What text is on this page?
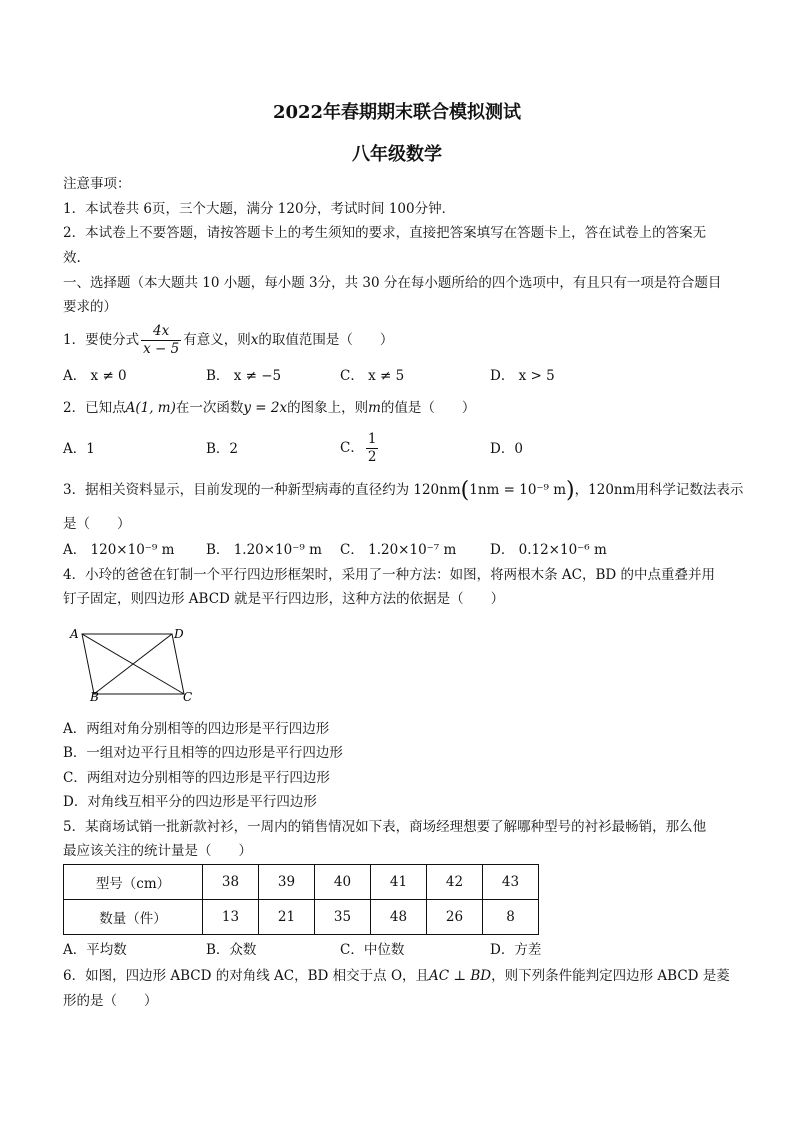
2022年春期期末联合模拟测试
八年级数学
注意事项：
1．本试卷共 6页，三个大题，满分 120分，考试时间 100分钟．
2．本试卷上不要答题，请按答题卡上的考生须知的要求，直接把答案填写在答题卡上，答在试卷上的答案无
效.
一、选择题（本大题共 10 小题，每小题 3分，共 30 分在每小题所给的四个选项中，有且只有一项是符合题目
要求的）
1．要使分式 $\frac{4x}{x - 5}$ 有意义，则x的取值范围是（　　）
A． x ≠ 0	B． x ≠ −5	C． x ≠ 5	D． x > 5
2．已知点A(1, m)在一次函数y = 2x的图象上，则m的值是（　　）
A．1	B．2	C． $\frac{1}{2}$	D．0
3．据相关资料显示，目前发现的一种新型病毒的直径约为 120nm(1nm = 10⁻⁹ m)，120nm用科学记数法表示
是（　　）
A． 120×10⁻⁹ m B． 1.20×10⁻⁹ m C． 1.20×10⁻⁷ m D． 0.12×10⁻⁶ m
4．小玲的爸爸在钉制一个平行四边形框架时，采用了一种方法：如图，将两根木条 AC，BD 的中点重叠并用
钉子固定，则四边形 ABCD 就是平行四边形，这种方法的依据是（　　）
A	D
B	C
A．两组对角分别相等的四边形是平行四边形
B．一组对边平行且相等的四边形是平行四边形
C．两组对边分别相等的四边形是平行四边形
D．对角线互相平分的四边形是平行四边形
5．某商场试销一批新款衬衫，一周内的销售情况如下表，商场经理想要了解哪种型号的衬衫最畅销，那么他
最应该关注的统计量是（　　）
型号（cm）	38	39	40	41	42	43
数量（件）	13	21	35	48	26	8
A．平均数	B．众数	C．中位数	D．方差
6．如图，四边形 ABCD 的对角线 AC，BD 相交于点 O，且AC ⊥ BD，则下列条件能判定四边形 ABCD 是菱
形的是（　　）
